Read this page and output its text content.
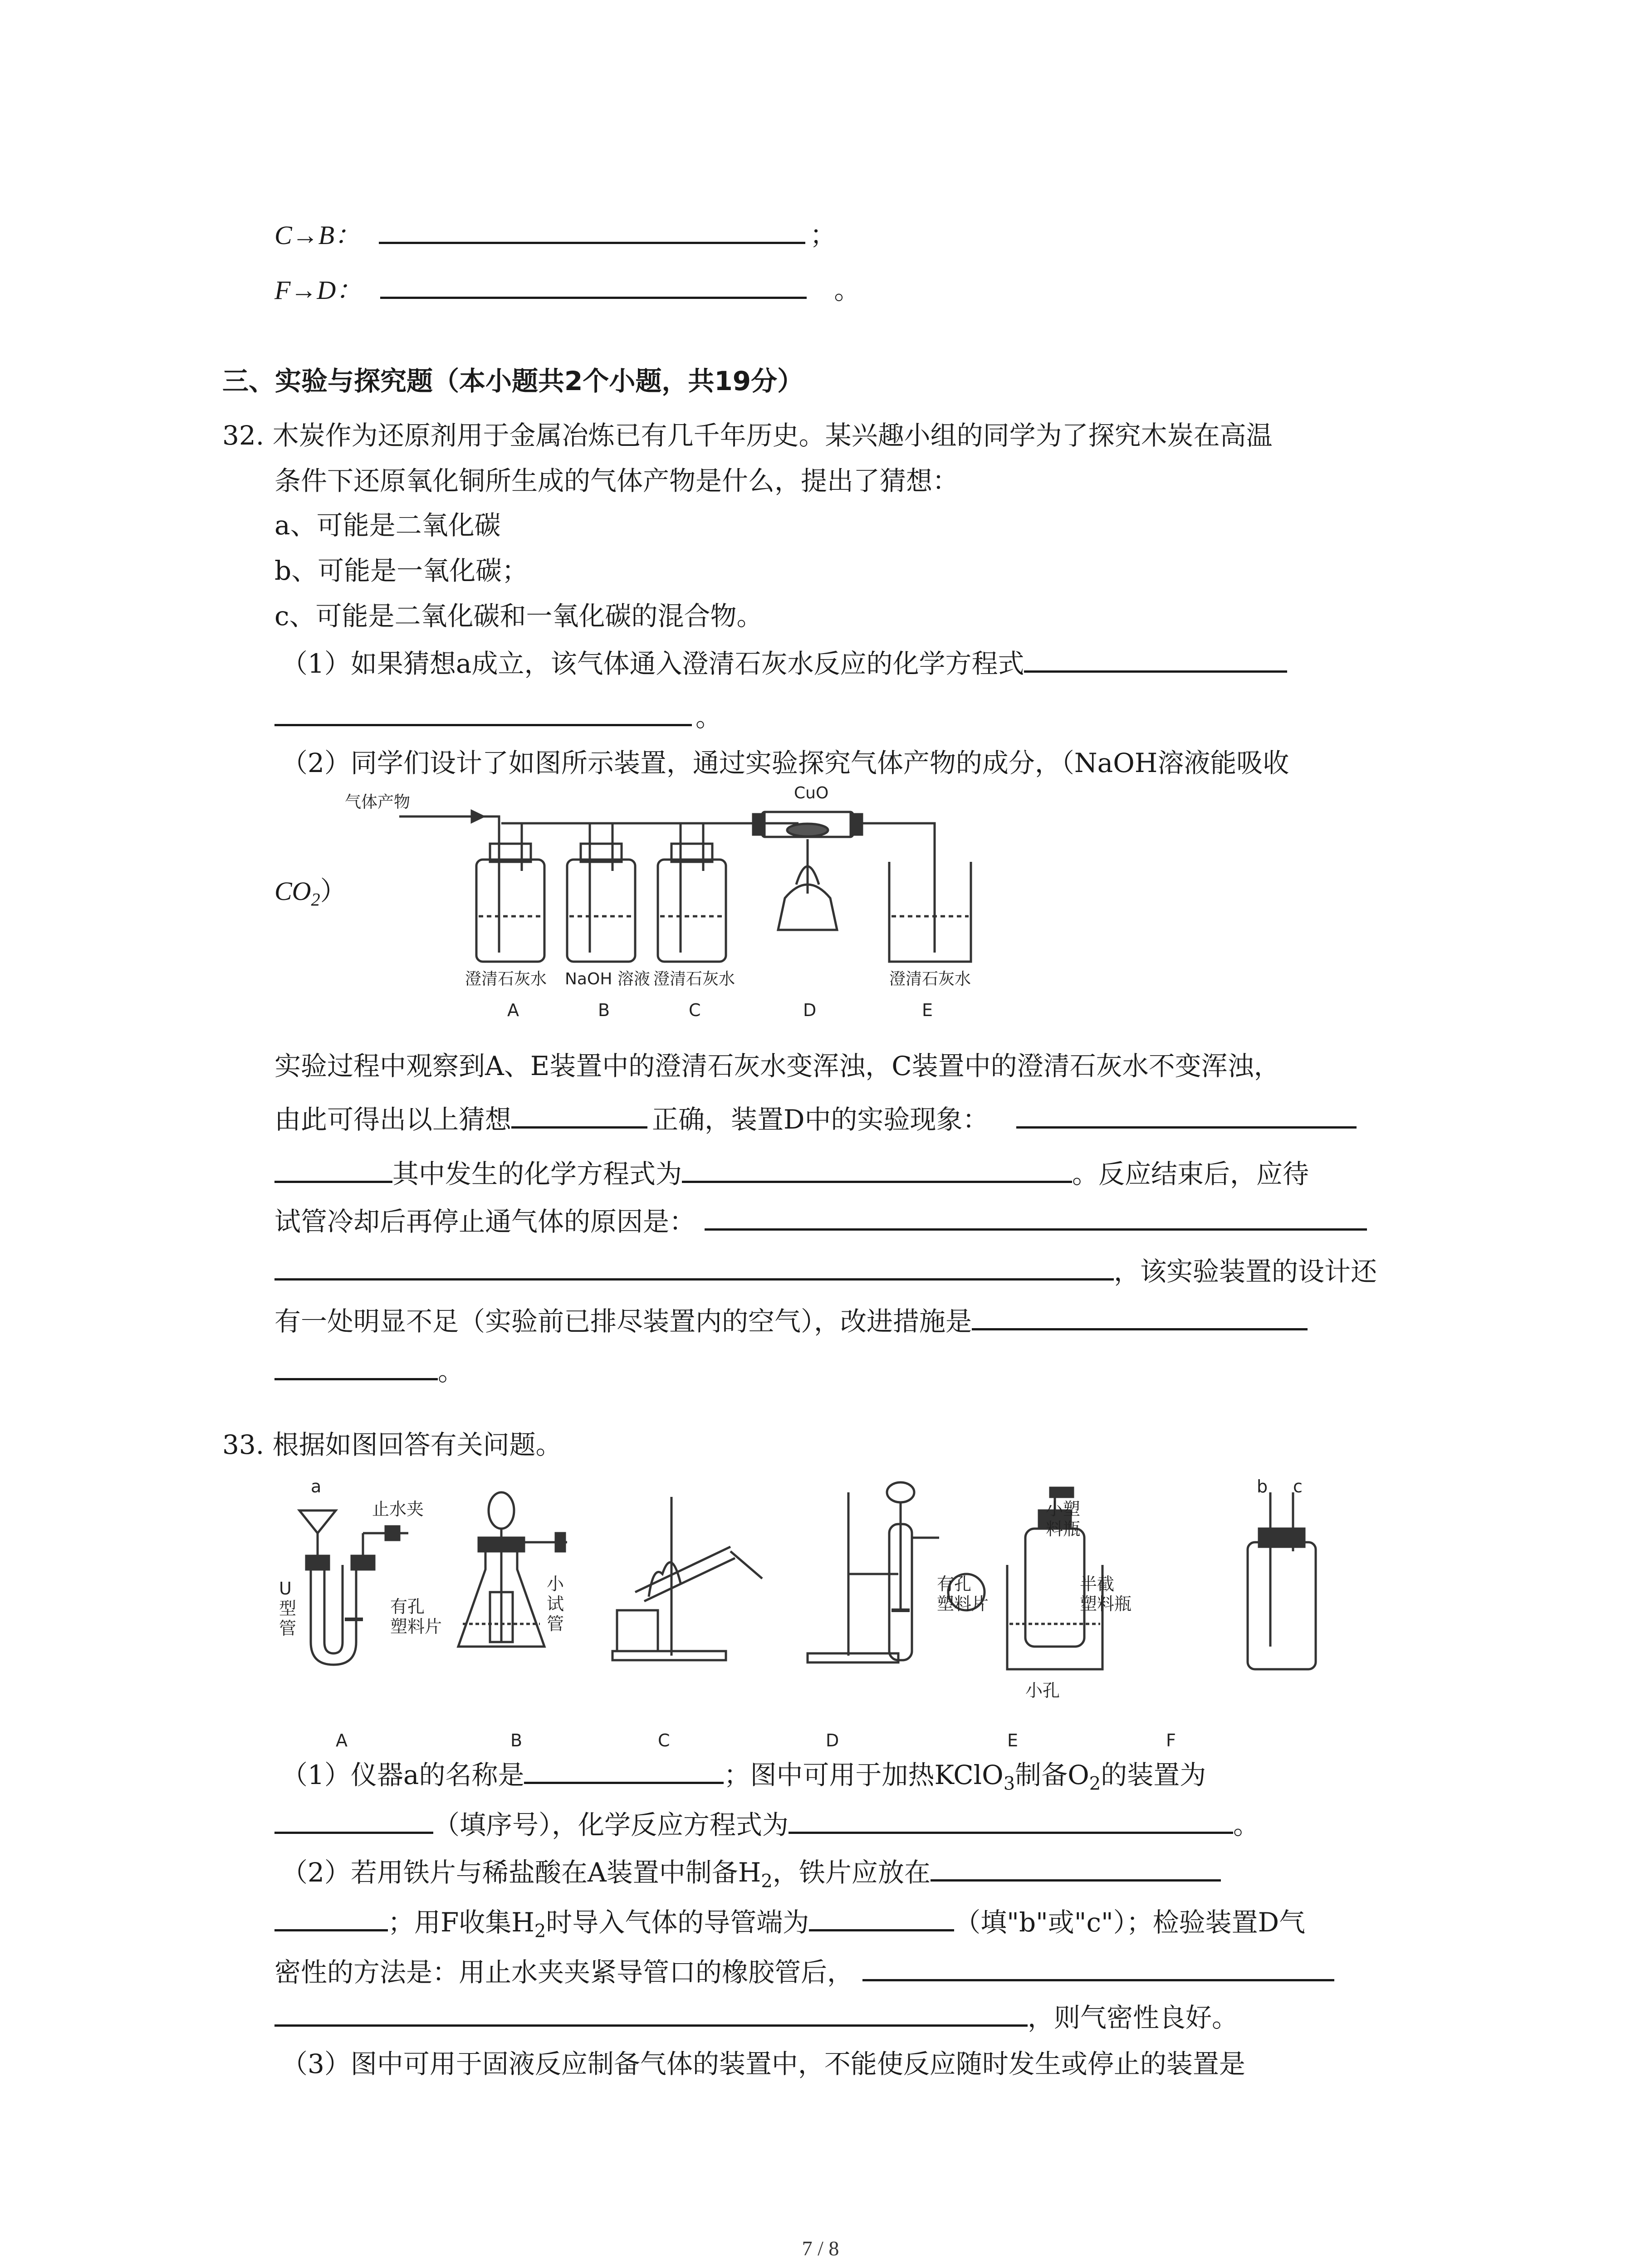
C→B：	；
F→D：	。
三、实验与探究题（本小题共2个小题，共19分）
32. 木炭作为还原剂用于金属冶炼已有几千年历史。某兴趣小组的同学为了探究木炭在高温
条件下还原氧化铜所生成的气体产物是什么，提出了猜想：
a、可能是二氧化碳
b、可能是一氧化碳；
c、可能是二氧化碳和一氧化碳的混合物。
（1）如果猜想a成立，该气体通入澄清石灰水反应的化学方程式
。
（2）同学们设计了如图所示装置，通过实验探究气体产物的成分，（NaOH溶液能吸收
$CO_2$）
气体产物	CuO
澄清石灰水 NaOH 溶液 澄清石灰水	澄清石灰水
A	B	C	D	E
实验过程中观察到A、E装置中的澄清石灰水变浑浊，C装置中的澄清石灰水不变浑浊，
由此可得出以上猜想	正确，装置D中的实验现象：
其中发生的化学方程式为	。反应结束后，应待
试管冷却后再停止通气体的原因是：
，该实验装置的设计还
有一处明显不足（实验前已排尽装置内的空气），改进措施是
。
33. 根据如图回答有关问题。
a
止水夹
b c
小孔
U
型
管
有孔
塑料片
小
试
管
有孔
塑料片
小塑
料瓶
半截
塑料瓶
A	B	C	D	E	F
（1）仪器a的名称是	；图中可用于加热KClO$_3$制备$O_2$的装置为
（填序号），化学反应方程式为	。
（2）若用铁片与稀盐酸在A装置中制备$H_2$，铁片应放在
；用F收集$H_2$时导入气体的导管端为	（填"b"或"c"）；检验装置D气
密性的方法是：用止水夹夹紧导管口的橡胶管后，
，则气密性良好。
（3）图中可用于固液反应制备气体的装置中，不能使反应随时发生或停止的装置是
7 / 8
